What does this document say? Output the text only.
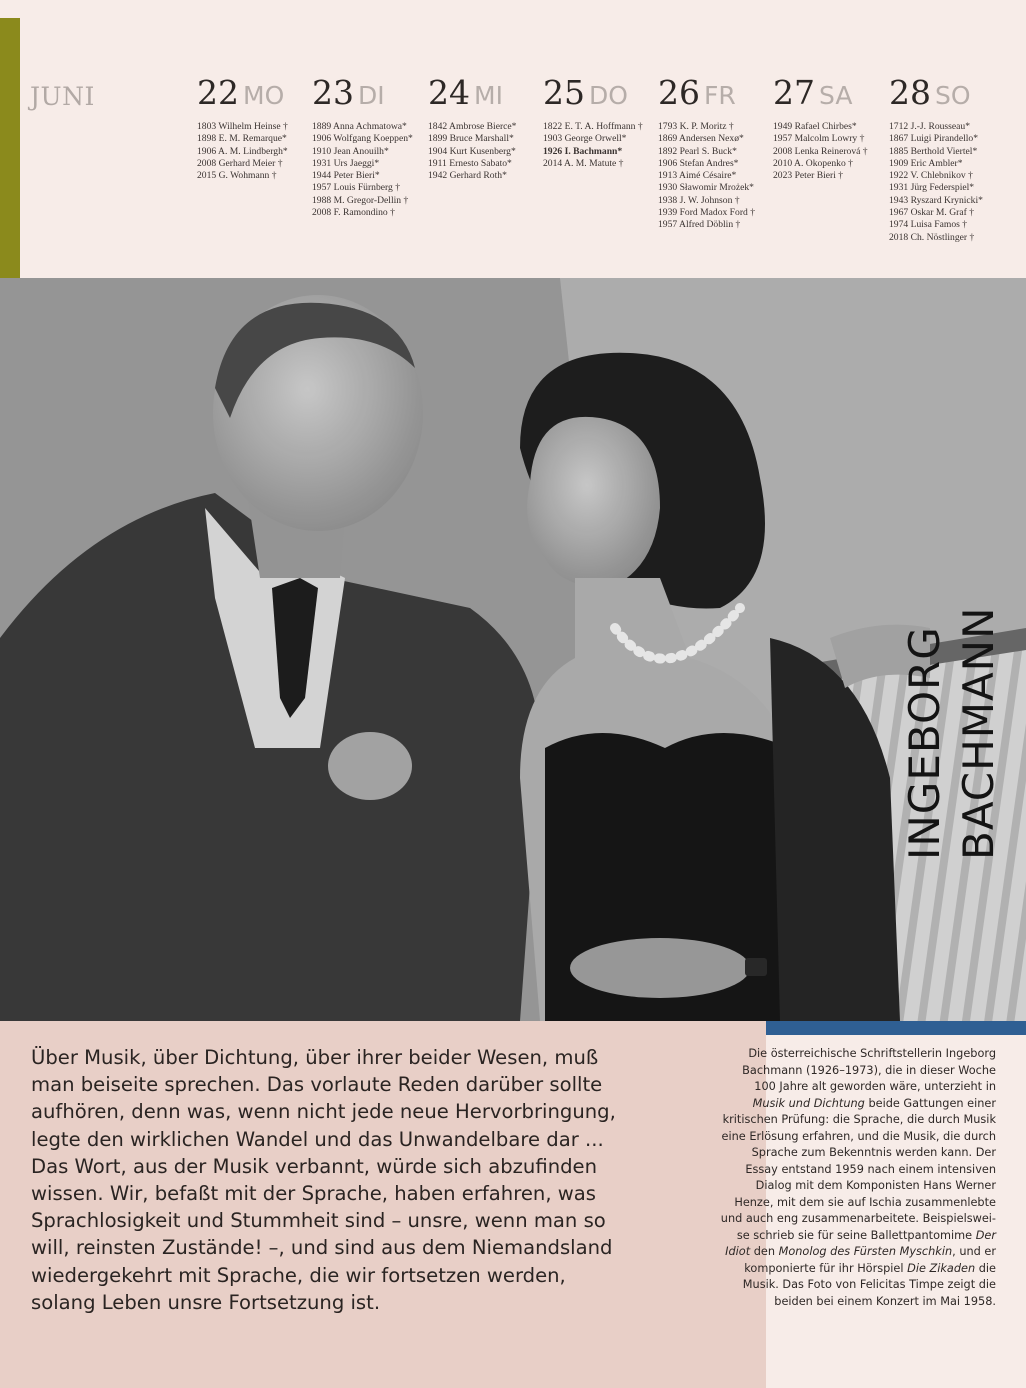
JUNI	22 MO
1803 Wilhelm Heinse †
1898 E. M. Remarque*
1906 A. M. Lindbergh*
2008 Gerhard Meier †
2015 G. Wohmann †
23 DI
1889 Anna Achmatowa*
1906 Wolfgang Koeppen*
1910 Jean Anouilh*
1931 Urs Jaeggi*
1944 Peter Bieri*
1957 Louis Fürnberg †
1988 M. Gregor-Dellin †
2008 F. Ramondino †
24 MI
1842 Ambrose Bierce*
1899 Bruce Marshall*
1904 Kurt Kusenberg*
1911 Ernesto Sabato*
1942 Gerhard Roth*
25 DO
1822 E. T. A. Hoffmann †
1903 George Orwell*
1926 I. Bachmann*
2014 A. M. Matute †
26 FR
1793 K. P. Moritz †
1869 Andersen Nexø*
1892 Pearl S. Buck*
1906 Stefan Andres*
1913 Aimé Césaire*
1930 Sławomir Mrożek*
1938 J. W. Johnson †
1939 Ford Madox Ford †
1957 Alfred Döblin †
27 SA
1949 Rafael Chirbes*
1957 Malcolm Lowry †
2008 Lenka Reinerová †
2010 A. Okopenko †
2023 Peter Bieri †
28 SO
1712 J.-J. Rousseau*
1867 Luigi Pirandello*
1885 Berthold Viertel*
1909 Eric Ambler*
1922 V. Chlebnikov †
1931 Jürg Federspiel*
1943 Ryszard Krynicki*
1967 Oskar M. Graf †
1974 Luisa Famos †
2018 Ch. Nöstlinger †
INGEBORG BACHMANN
Über Musik, über Dichtung, über ihrer beider Wesen, muß
man beiseite sprechen. Das vorlaute Reden darüber sollte
aufhören, denn was, wenn nicht jede neue Hervorbringung,
legte den wirklichen Wandel und das Unwandelbare dar ...
Das Wort, aus der Musik verbannt, würde sich abzufinden
wissen. Wir, befaßt mit der Sprache, haben erfahren, was
Sprachlosigkeit und Stummheit sind – unsre, wenn man so
will, reinsten Zustände! –, und sind aus dem Niemandsland
wiedergekehrt mit Sprache, die wir fortsetzen werden,
solang Leben unsre Fortsetzung ist.
Die österreichische Schriftstellerin Ingeborg
Bachmann (1926–1973), die in dieser Woche
100 Jahre alt geworden wäre, unterzieht in
Musik und Dichtung beide Gattungen einer
kritischen Prüfung: die Sprache, die durch Musik
eine Erlösung erfahren, und die Musik, die durch
Sprache zum Bekenntnis werden kann. Der
Essay entstand 1959 nach einem intensiven
Dialog mit dem Komponisten Hans Werner
Henze, mit dem sie auf Ischia zusammenlebte
und auch eng zusammenarbeitete. Beispielswei-
se schrieb sie für seine Ballettpantomime Der
Idiot den Monolog des Fürsten Myschkin, und er
komponierte für ihr Hörspiel Die Zikaden die
Musik. Das Foto von Felicitas Timpe zeigt die
beiden bei einem Konzert im Mai 1958.
